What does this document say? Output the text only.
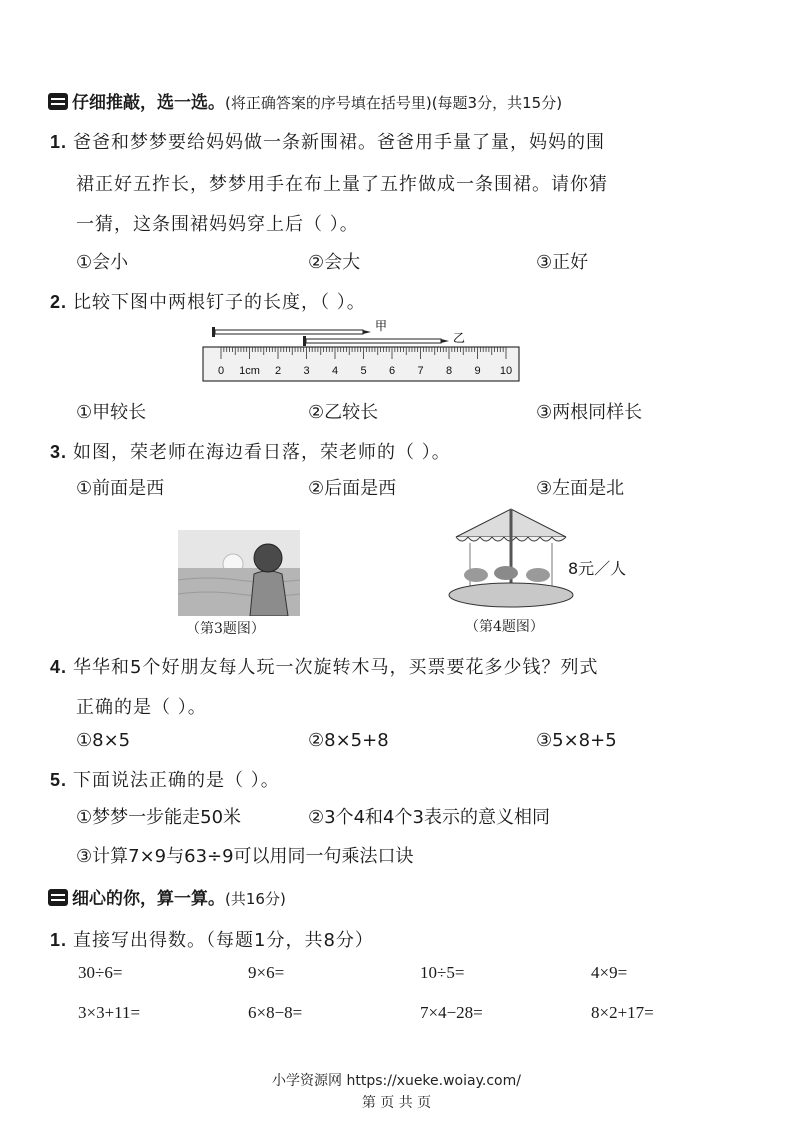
仔细推敲，选一选。(将正确答案的序号填在括号里)(每题3分，共15分)
1. 爸爸和梦梦要给妈妈做一条新围裙。爸爸用手量了量，妈妈的围
裙正好五拃长，梦梦用手在布上量了五拃做成一条围裙。请你猜
一猜，这条围裙妈妈穿上后（ ）。
①会小	②会大	③正好
2. 比较下图中两根钉子的长度，（ ）。
甲
乙
0 1cm 2 3 4 5 6 7 8 9 10
①甲较长	②乙较长	③两根同样长
3. 如图，荣老师在海边看日落，荣老师的（ ）。
①前面是西	②后面是西	③左面是北
8元／人
（第3题图）	（第4题图）
4. 华华和5个好朋友每人玩一次旋转木马，买票要花多少钱？列式
正确的是（ ）。
①8×5	②8×5+8	③5×8+5
5. 下面说法正确的是（ ）。
①梦梦一步能走50米	②3个4和4个3表示的意义相同
③计算7×9与63÷9可以用同一句乘法口诀
细心的你，算一算。(共16分)
1. 直接写出得数。（每题1分，共8分）
30÷6=	9×6=	10÷5=	4×9=
3×3+11=	6×8−8=	7×4−28=	8×2+17=
小学资源网 https://xueke.woiay.com/
第 页 共 页
